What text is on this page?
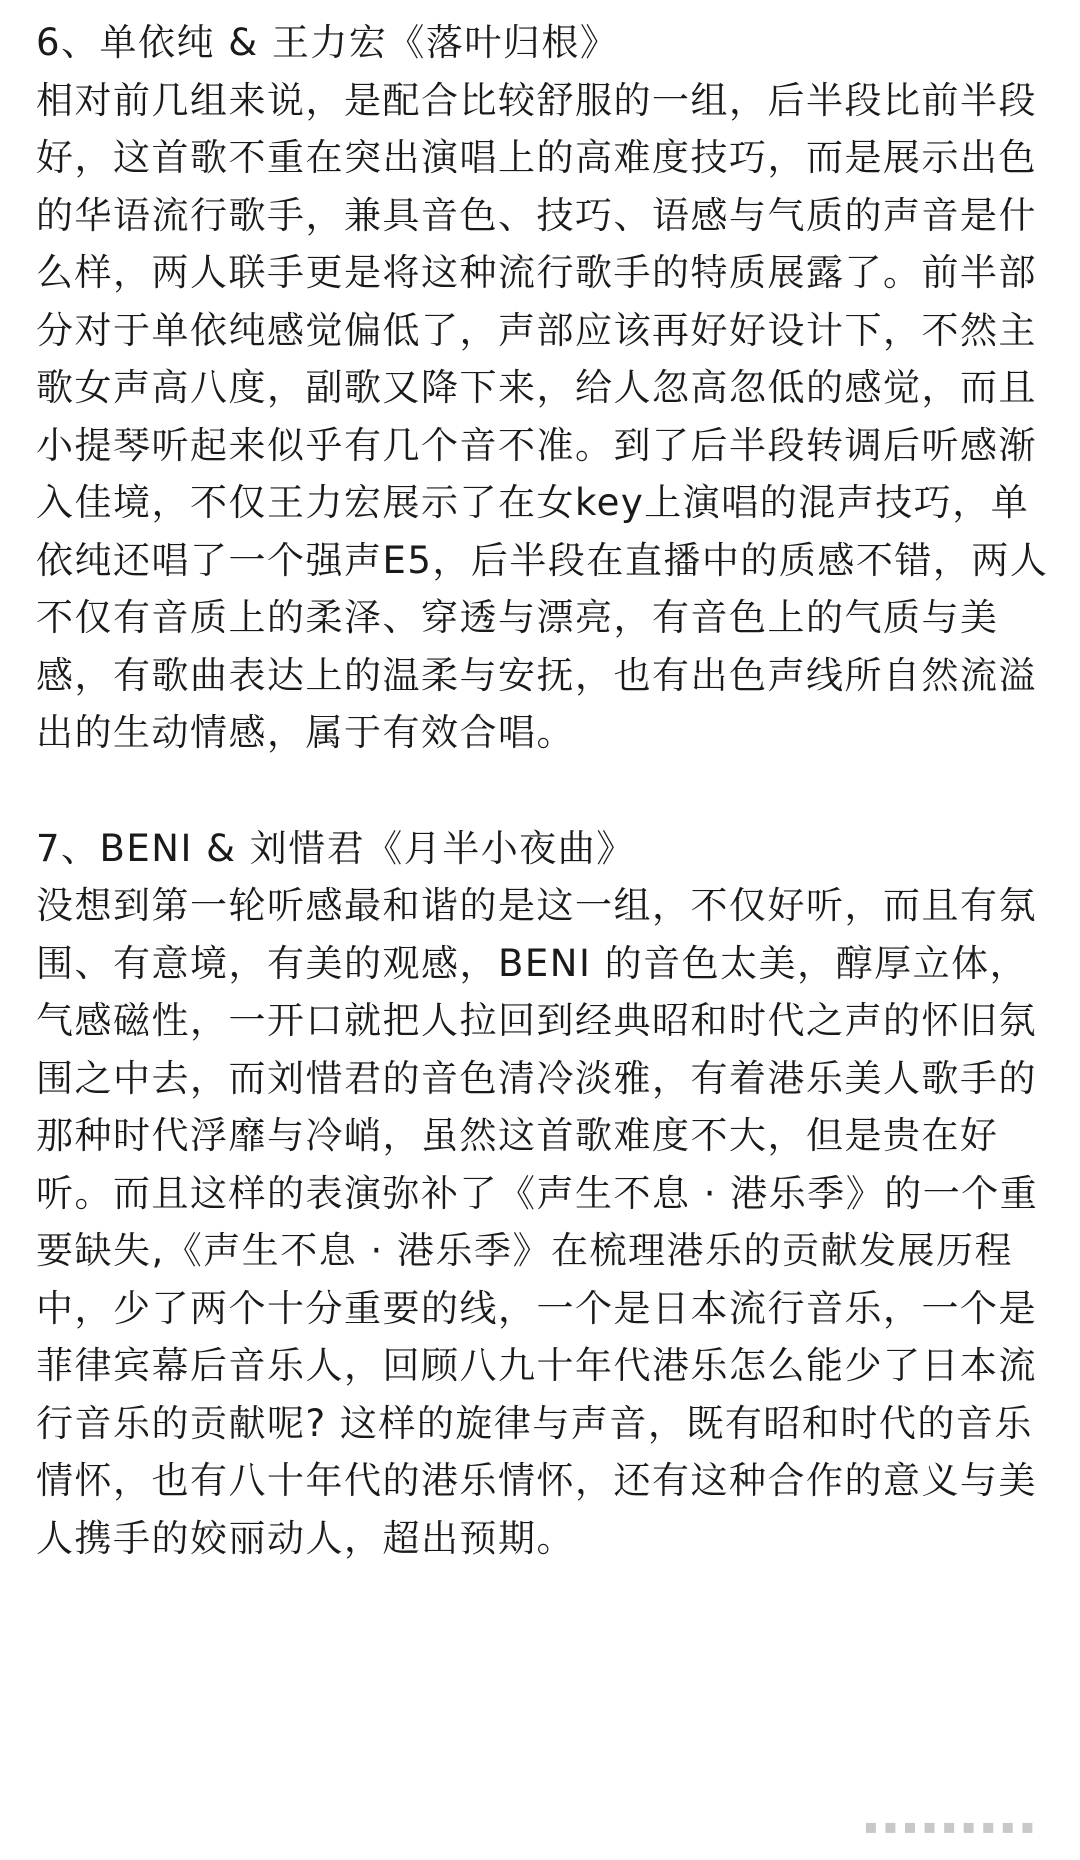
6、单依纯 & 王力宏《落叶归根》

相对前几组来说，是配合比较舒服的一组，后半段比前半段好，这首歌不重在突出演唱上的高难度技巧，而是展示出色的华语流行歌手，兼具音色、技巧、语感与气质的声音是什么样，两人联手更是将这种流行歌手的特质展露了。前半部分对于单依纯感觉偏低了，声部应该再好好设计下，不然主歌女声高八度，副歌又降下来，给人忽高忽低的感觉，而且小提琴听起来似乎有几个音不准。到了后半段转调后听感渐入佳境，不仅王力宏展示了在女key上演唱的混声技巧，单依纯还唱了一个强声E5，后半段在直播中的质感不错，两人不仅有音质上的柔泽、穿透与漂亮，有音色上的气质与美感，有歌曲表达上的温柔与安抚，也有出色声线所自然流溢出的生动情感，属于有效合唱。

7、BENI & 刘惜君《月半小夜曲》

没想到第一轮听感最和谐的是这一组，不仅好听，而且有氛围、有意境，有美的观感，BENI 的音色太美，醇厚立体，气感磁性，一开口就把人拉回到经典昭和时代之声的怀旧氛围之中去，而刘惜君的音色清冷淡雅，有着港乐美人歌手的那种时代浮靡与冷峭，虽然这首歌难度不大，但是贵在好听。而且这样的表演弥补了《声生不息 · 港乐季》的一个重要缺失,《声生不息 · 港乐季》在梳理港乐的贡献发展历程中，少了两个十分重要的线，一个是日本流行音乐，一个是菲律宾幕后音乐人，回顾八九十年代港乐怎么能少了日本流行音乐的贡献呢? 这样的旋律与声音，既有昭和时代的音乐情怀，也有八十年代的港乐情怀，还有这种合作的意义与美人携手的姣丽动人，超出预期。

▪▪▪▪▪▪▪▪▪
